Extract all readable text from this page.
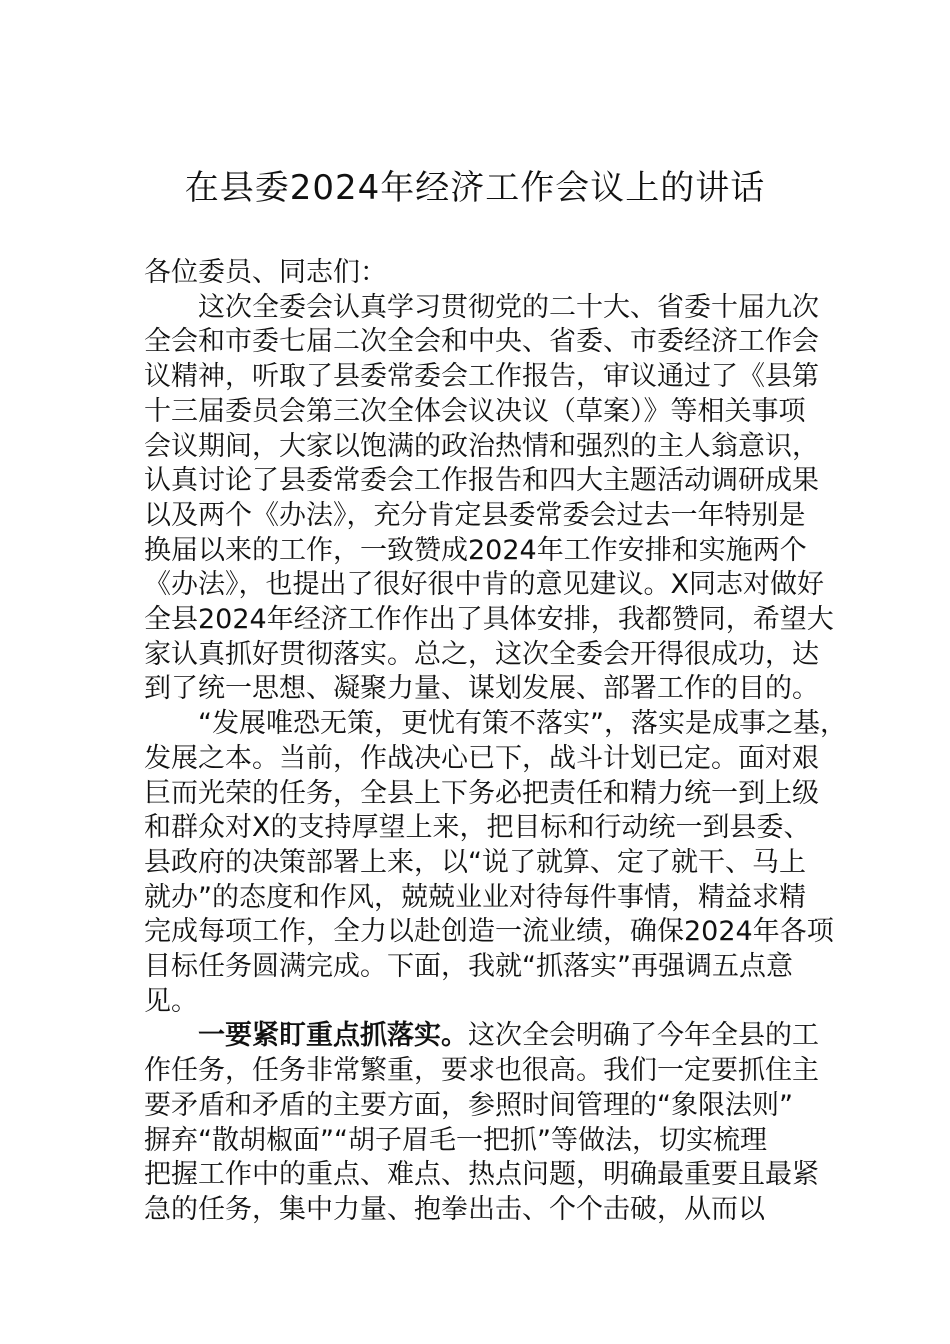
在县委2024年经济工作会议上的讲话

各位委员、同志们：

这次全委会认真学习贯彻党的二十大、省委十届九次

全会和市委七届二次全会和中央、省委、市委经济工作会

议精神，听取了县委常委会工作报告，审议通过了《县第

十三届委员会第三次全体会议决议（草案）》等相关事项

会议期间，大家以饱满的政治热情和强烈的主人翁意识，

认真讨论了县委常委会工作报告和四大主题活动调研成果

以及两个《办法》，充分肯定县委常委会过去一年特别是

换届以来的工作，一致赞成2024年工作安排和实施两个

《办法》，也提出了很好很中肯的意见建议。X同志对做好

全县2024年经济工作作出了具体安排，我都赞同，希望大

家认真抓好贯彻落实。总之，这次全委会开得很成功，达

到了统一思想、凝聚力量、谋划发展、部署工作的目的。

“发展唯恐无策，更忧有策不落实”，落实是成事之基，

发展之本。当前，作战决心已下，战斗计划已定。面对艰

巨而光荣的任务，全县上下务必把责任和精力统一到上级

和群众对X的支持厚望上来，把目标和行动统一到县委、

县政府的决策部署上来，以“说了就算、定了就干、马上

就办”的态度和作风，兢兢业业对待每件事情，精益求精

完成每项工作，全力以赴创造一流业绩，确保2024年各项

目标任务圆满完成。下面，我就“抓落实”再强调五点意

见。

一要紧盯重点抓落实。这次全会明确了今年全县的工

作任务，任务非常繁重，要求也很高。我们一定要抓住主

要矛盾和矛盾的主要方面，参照时间管理的“象限法则”

摒弃“散胡椒面”“胡子眉毛一把抓”等做法，切实梳理

把握工作中的重点、难点、热点问题，明确最重要且最紧

急的任务，集中力量、抱拳出击、个个击破，从而以
